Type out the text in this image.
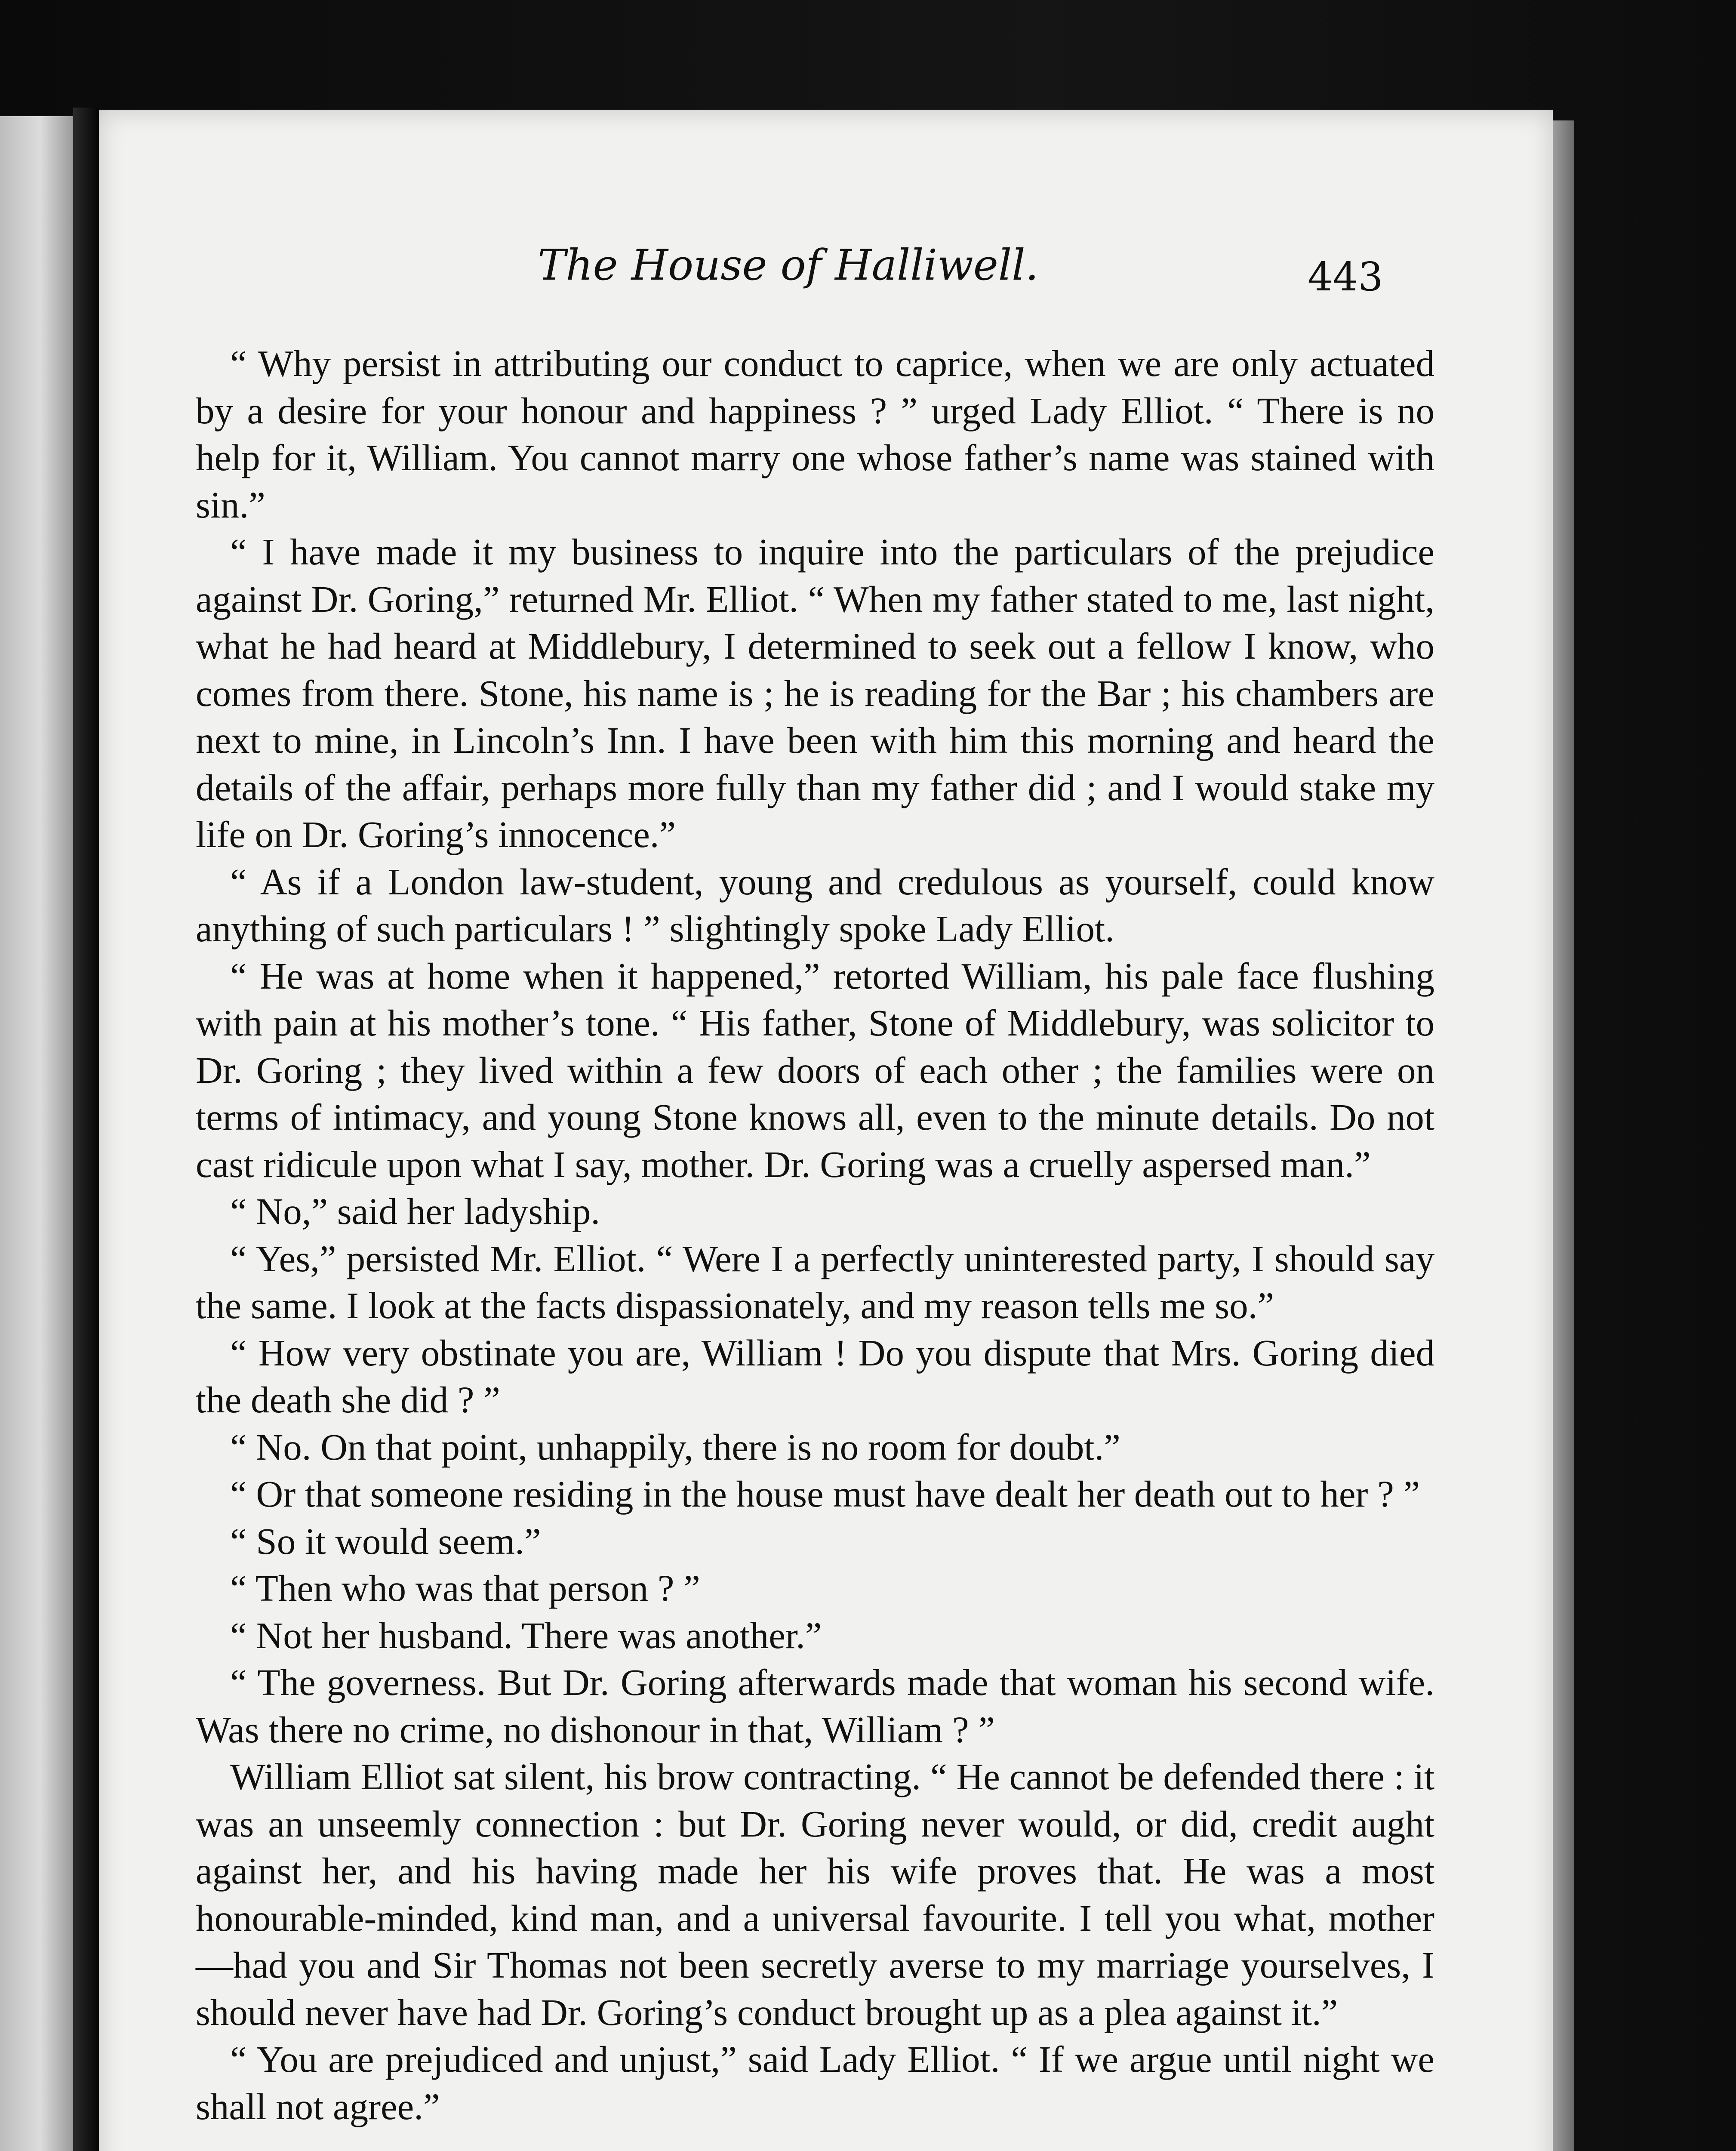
The House of Halliwell.	443

“ Why persist in attributing our conduct to caprice, when we are only actuated by a desire for your honour and happiness ? ” urged Lady Elliot. “ There is no help for it, William. You cannot marry one whose father’s name was stained with sin.”

“ I have made it my business to inquire into the particulars of the prejudice against Dr. Goring,” returned Mr. Elliot. “ When my father stated to me, last night, what he had heard at Middlebury, I determined to seek out a fellow I know, who comes from there. Stone, his name is ; he is reading for the Bar ; his chambers are next to mine, in Lincoln’s Inn. I have been with him this morning and heard the details of the affair, perhaps more fully than my father did ; and I would stake my life on Dr. Goring’s innocence.”

“ As if a London law-student, young and credulous as yourself, could know anything of such particulars ! ” slightingly spoke Lady Elliot.

“ He was at home when it happened,” retorted William, his pale face flushing with pain at his mother’s tone. “ His father, Stone of Middlebury, was solicitor to Dr. Goring ; they lived within a few doors of each other ; the families were on terms of intimacy, and young Stone knows all, even to the minute details. Do not cast ridicule upon what I say, mother. Dr. Goring was a cruelly aspersed man.”

“ No,” said her ladyship.

“ Yes,” persisted Mr. Elliot. “ Were I a perfectly uninterested party, I should say the same. I look at the facts dispassionately, and my reason tells me so.”

“ How very obstinate you are, William ! Do you dispute that Mrs. Goring died the death she did ? ”

“ No. On that point, unhappily, there is no room for doubt.”

“ Or that someone residing in the house must have dealt her death out to her ? ”

“ So it would seem.”

“ Then who was that person ? ”

“ Not her husband. There was another.”

“ The governess. But Dr. Goring afterwards made that woman his second wife. Was there no crime, no dishonour in that, William ? ”

William Elliot sat silent, his brow contracting. “ He cannot be defended there : it was an unseemly connection : but Dr. Goring never would, or did, credit aught against her, and his having made her his wife proves that. He was a most honourable-minded, kind man, and a universal favourite. I tell you what, mother—had you and Sir Thomas not been secretly averse to my marriage yourselves, I should never have had Dr. Goring’s conduct brought up as a plea against it.”

“ You are prejudiced and unjust,” said Lady Elliot. “ If we argue until night we shall not agree.”
